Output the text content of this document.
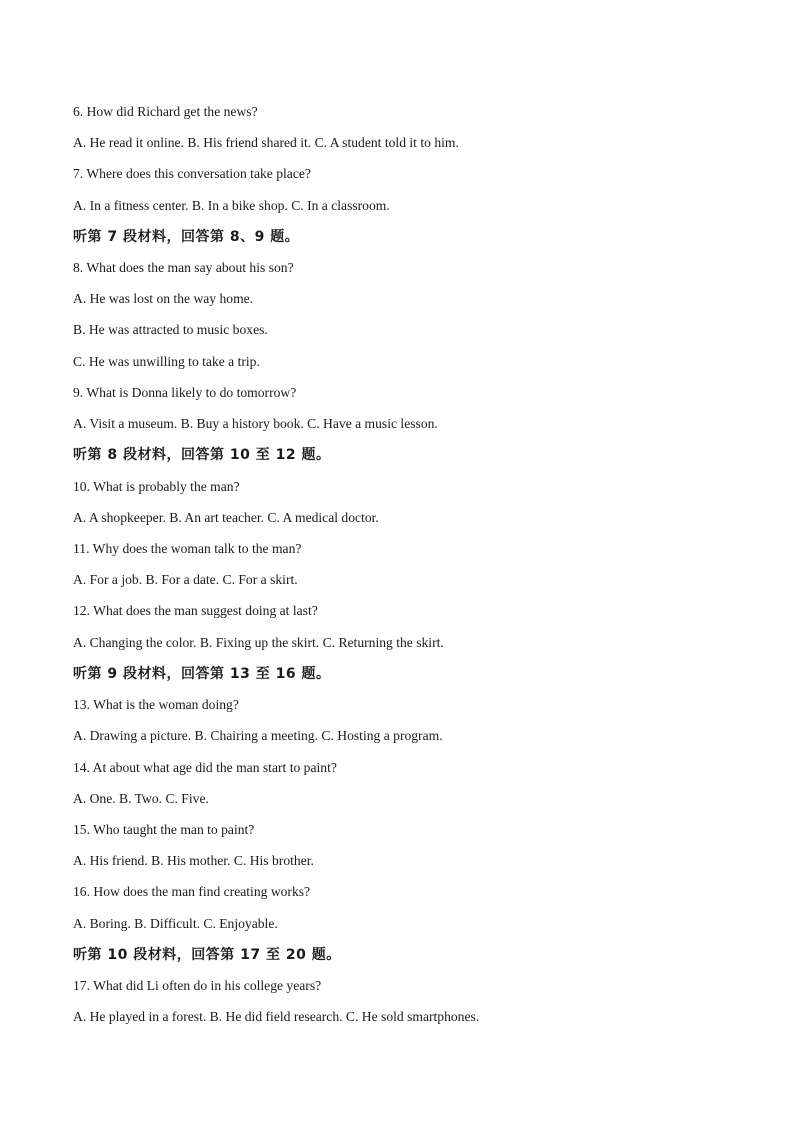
6. How did Richard get the news?
A. He read it online. B. His friend shared it. C. A student told it to him.
7. Where does this conversation take place?
A. In a fitness center. B. In a bike shop. C. In a classroom.
听第 7 段材料，回答第 8、9 题。
8. What does the man say about his son?
A. He was lost on the way home.
B. He was attracted to music boxes.
C. He was unwilling to take a trip.
9. What is Donna likely to do tomorrow?
A. Visit a museum. B. Buy a history book. C. Have a music lesson.
听第 8 段材料，回答第 10 至 12 题。
10. What is probably the man?
A. A shopkeeper. B. An art teacher. C. A medical doctor.
11. Why does the woman talk to the man?
A. For a job. B. For a date. C. For a skirt.
12. What does the man suggest doing at last?
A. Changing the color. B. Fixing up the skirt. C. Returning the skirt.
听第 9 段材料，回答第 13 至 16 题。
13. What is the woman doing?
A. Drawing a picture. B. Chairing a meeting. C. Hosting a program.
14. At about what age did the man start to paint?
A. One. B. Two. C. Five.
15. Who taught the man to paint?
A. His friend. B. His mother. C. His brother.
16. How does the man find creating works?
A. Boring. B. Difficult. C. Enjoyable.
听第 10 段材料，回答第 17 至 20 题。
17. What did Li often do in his college years?
A. He played in a forest. B. He did field research. C. He sold smartphones.
